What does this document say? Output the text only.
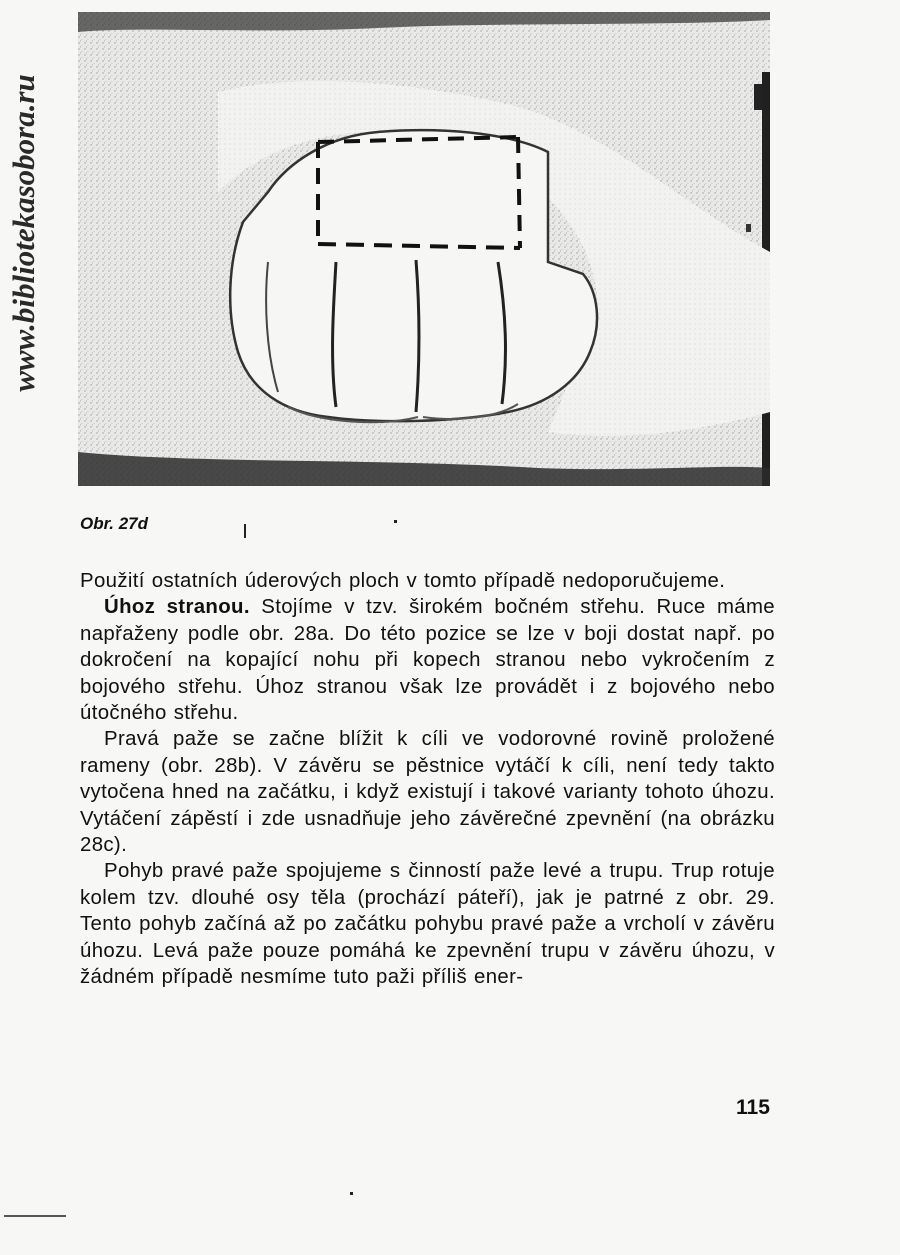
www.bibliotekasobora.ru
Obr. 27d

Použití ostatních úderových ploch v tomto případě nedoporučujeme.

Úhoz stranou. Stojíme v tzv. širokém bočném střehu. Ruce máme napřaženy podle obr. 28a. Do této pozice se lze v boji dostat např. po dokročení na kopající nohu při kopech stranou nebo vykročením z bojového střehu. Úhoz stranou však lze provádět i z bojového nebo útočného střehu.

Pravá paže se začne blížit k cíli ve vodorovné rovině proložené rameny (obr. 28b). V závěru se pěstnice vytáčí k cíli, není tedy takto vytočena hned na začátku, i když existují i takové varianty tohoto úhozu. Vytáčení zápěstí i zde usnadňuje jeho závěrečné zpevnění (na obrázku 28c).

Pohyb pravé paže spojujeme s činností paže levé a trupu. Trup rotuje kolem tzv. dlouhé osy těla (prochází páteří), jak je patrné z obr. 29. Tento pohyb začíná až po začátku pohybu pravé paže a vrcholí v závěru úhozu. Levá paže pouze pomáhá ke zpevnění trupu v závěru úhozu, v žádném případě nesmíme tuto paži příliš ener-

115
